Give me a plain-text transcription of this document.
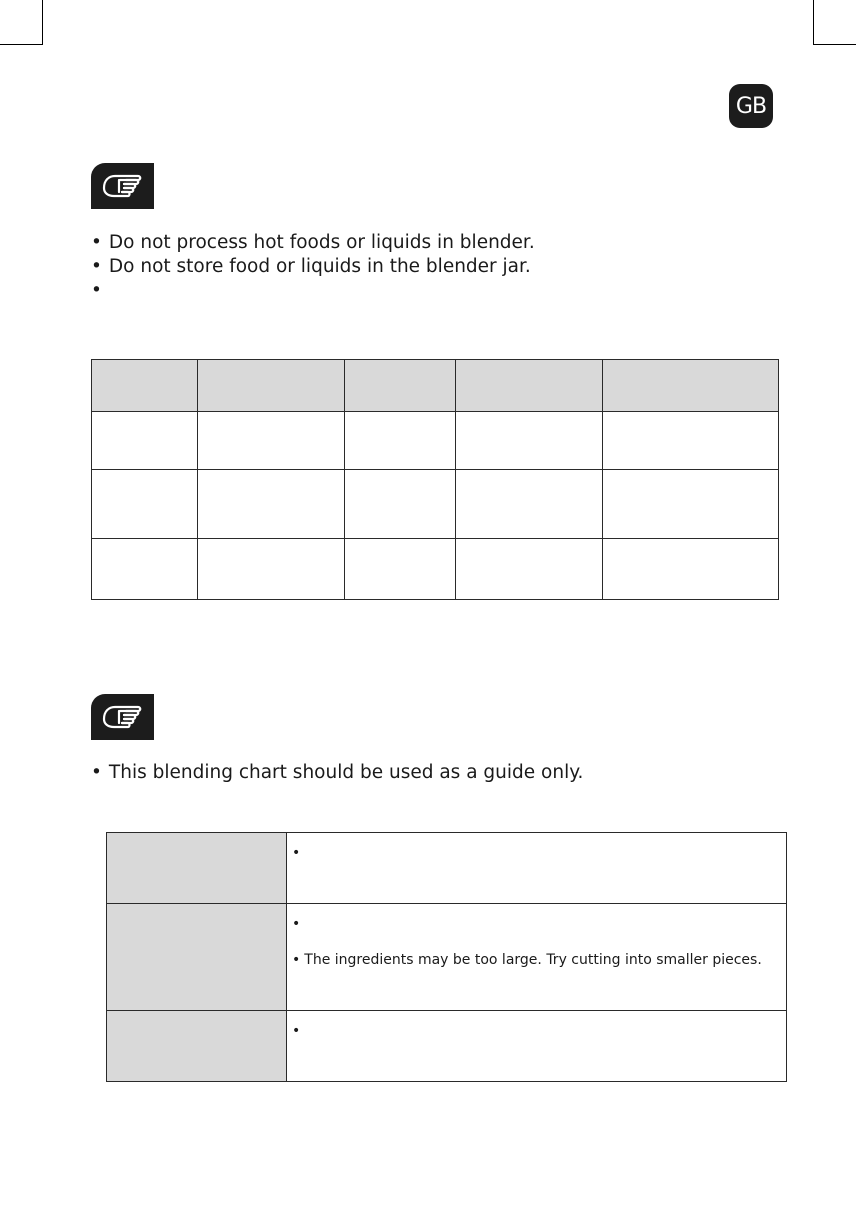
GB
• Do not process hot foods or liquids in blender.
• Do not store food or liquids in the blender jar.
•

• This blending chart should be used as a guide only.

	•

	•
• The ingredients may be too large. Try cutting into smaller pieces.

	•
